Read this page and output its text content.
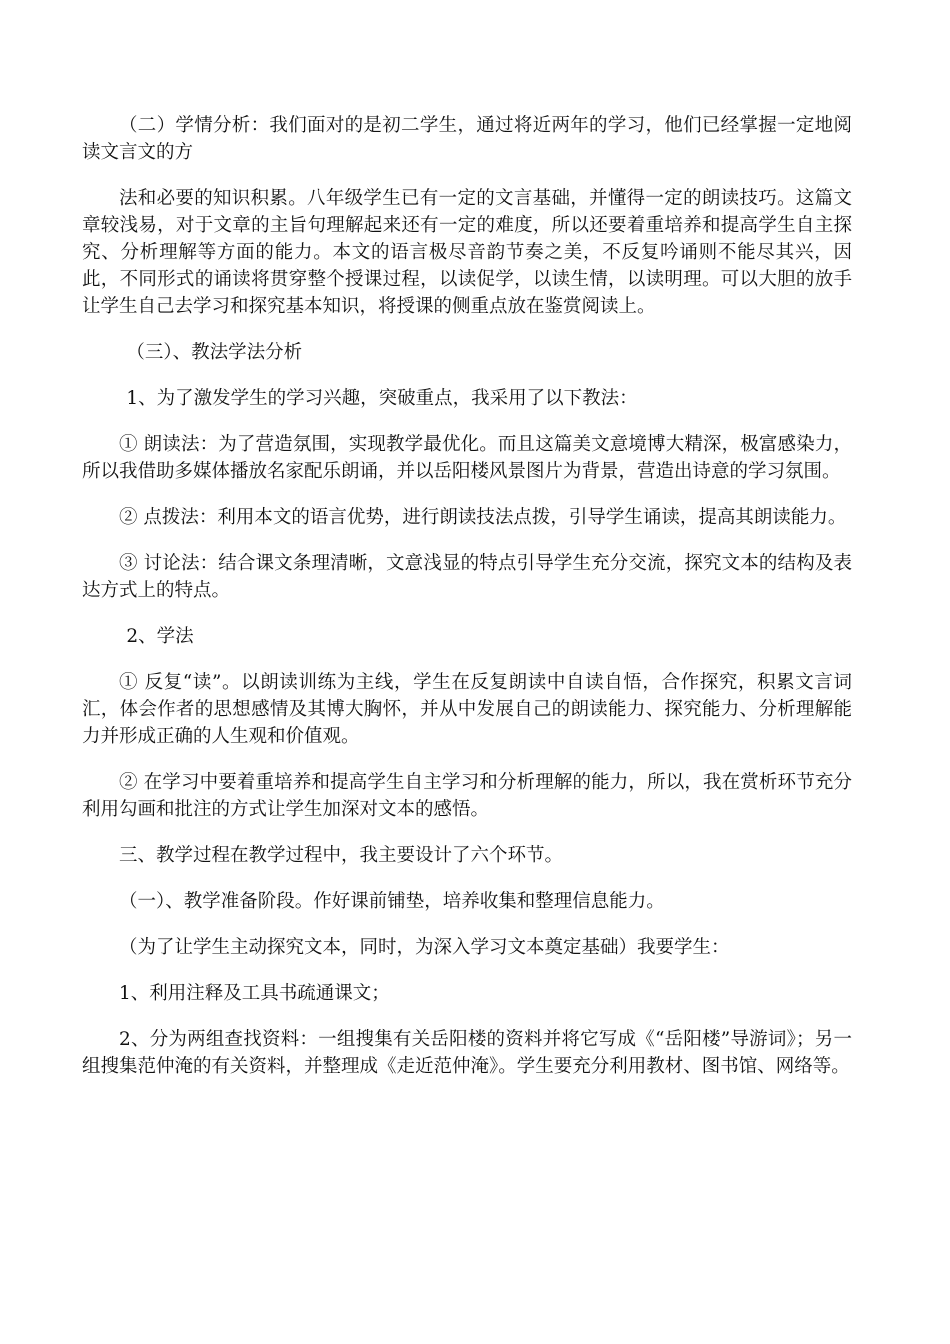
（二）学情分析：我们面对的是初二学生，通过将近两年的学习，他们已经掌握一定地阅读文言文的方

法和必要的知识积累。八年级学生已有一定的文言基础，并懂得一定的朗读技巧。这篇文章较浅易，对于文章的主旨句理解起来还有一定的难度，所以还要着重培养和提高学生自主探究、分析理解等方面的能力。本文的语言极尽音韵节奏之美，不反复吟诵则不能尽其兴，因此，不同形式的诵读将贯穿整个授课过程，以读促学，以读生情，以读明理。可以大胆的放手让学生自己去学习和探究基本知识，将授课的侧重点放在鉴赏阅读上。

（三）、教法学法分析

1、为了激发学生的学习兴趣，突破重点，我采用了以下教法：

① 朗读法：为了营造氛围，实现教学最优化。而且这篇美文意境博大精深，极富感染力，所以我借助多媒体播放名家配乐朗诵，并以岳阳楼风景图片为背景，营造出诗意的学习氛围。

② 点拨法：利用本文的语言优势，进行朗读技法点拨，引导学生诵读，提高其朗读能力。

③ 讨论法：结合课文条理清晰，文意浅显的特点引导学生充分交流，探究文本的结构及表达方式上的特点。

2、学法

① 反复“读”。以朗读训练为主线，学生在反复朗读中自读自悟，合作探究，积累文言词汇，体会作者的思想感情及其博大胸怀，并从中发展自己的朗读能力、探究能力、分析理解能力并形成正确的人生观和价值观。

② 在学习中要着重培养和提高学生自主学习和分析理解的能力，所以，我在赏析环节充分利用勾画和批注的方式让学生加深对文本的感悟。

三、教学过程在教学过程中，我主要设计了六个环节。

（一）、教学准备阶段。作好课前铺垫，培养收集和整理信息能力。

（为了让学生主动探究文本，同时，为深入学习文本奠定基础）我要学生：

1、利用注释及工具书疏通课文；

2、分为两组查找资料：一组搜集有关岳阳楼的资料并将它写成《“岳阳楼”导游词》；另一组搜集范仲淹的有关资料，并整理成《走近范仲淹》。学生要充分利用教材、图书馆、网络等。
